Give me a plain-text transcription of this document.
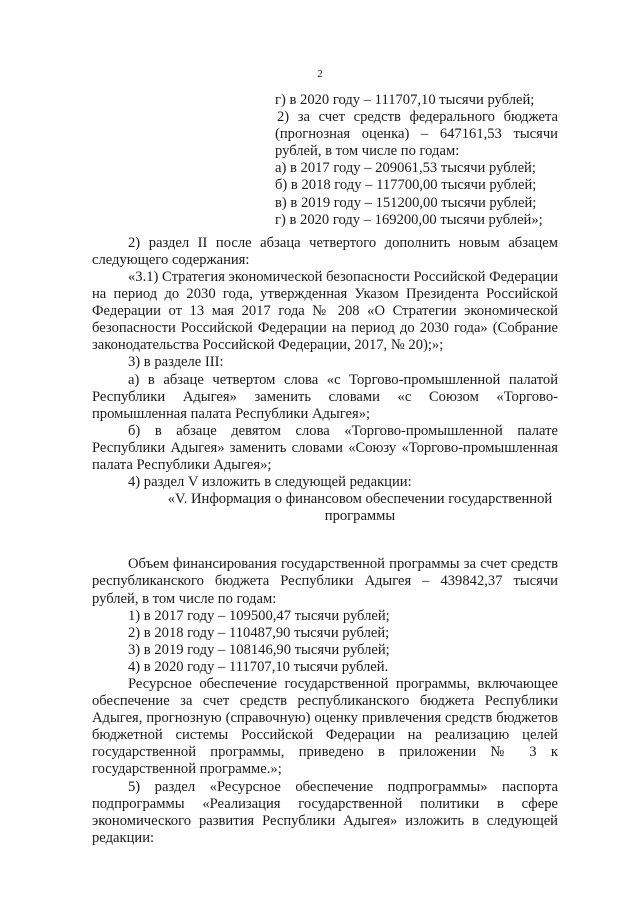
2

г) в 2020 году – 111707,10 тысячи рублей;

2) за счет средств федерального бюджета (прогнозная оценка) – 647161,53 тысячи рублей, в том числе по годам:

а) в 2017 году – 209061,53 тысячи рублей;

б) в 2018 году – 117700,00 тысячи рублей;

в) в 2019 году – 151200,00 тысячи рублей;

г) в 2020 году – 169200,00 тысячи рублей»;

2) раздел II после абзаца четвертого дополнить новым абзацем следующего содержания:

«3.1) Стратегия экономической безопасности Российской Федерации на период до 2030 года, утвержденная Указом Президента Российской Федерации от 13 мая 2017 года № 208 «О Стратегии экономической безопасности Российской Федерации на период до 2030 года» (Собрание законодательства Российской Федерации, 2017, № 20);»;

3) в разделе III:

а) в абзаце четвертом слова «с Торгово-промышленной палатой Республики Адыгея» заменить словами «с Союзом «Торгово-промышленная палата Республики Адыгея»;

б) в абзаце девятом слова «Торгово-промышленной палате Республики Адыгея» заменить словами «Союзу «Торгово-промышленная палата Республики Адыгея»;

4) раздел V изложить в следующей редакции:

«V. Информация о финансовом обеспечении государственной программы

Объем финансирования государственной программы за счет средств республиканского бюджета Республики Адыгея – 439842,37 тысячи рублей, в том числе по годам:

1) в 2017 году – 109500,47 тысячи рублей;

2) в 2018 году – 110487,90 тысячи рублей;

3) в 2019 году – 108146,90 тысячи рублей;

4) в 2020 году – 111707,10 тысячи рублей.

Ресурсное обеспечение государственной программы, включающее обеспечение за счет средств республиканского бюджета Республики Адыгея, прогнозную (справочную) оценку привлечения средств бюджетов бюджетной системы Российской Федерации на реализацию целей государственной программы, приведено в приложении № 3 к государственной программе.»;

5) раздел «Ресурсное обеспечение подпрограммы» паспорта подпрограммы «Реализация государственной политики в сфере экономического развития Республики Адыгея» изложить в следующей редакции:
